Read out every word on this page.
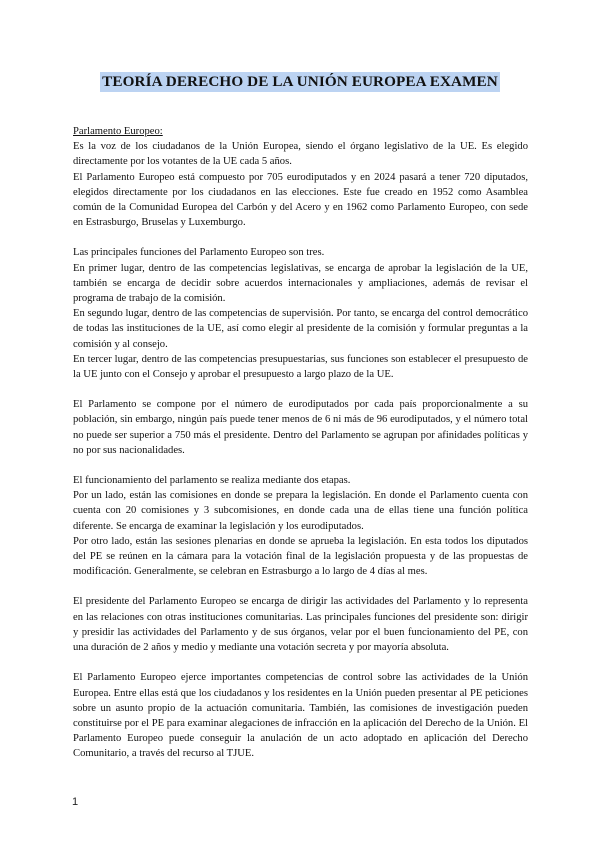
TEORÍA DERECHO DE LA UNIÓN EUROPEA EXAMEN

Parlamento Europeo:

Es la voz de los ciudadanos de la Unión Europea, siendo el órgano legislativo de la UE. Es elegido directamente por los votantes de la UE cada 5 años.

El Parlamento Europeo está compuesto por 705 eurodiputados y en 2024 pasará a tener 720 diputados, elegidos directamente por los ciudadanos en las elecciones. Este fue creado en 1952 como Asamblea común de la Comunidad Europea del Carbón y del Acero y en 1962 como Parlamento Europeo, con sede en Estrasburgo, Bruselas y Luxemburgo.

Las principales funciones del Parlamento Europeo son tres.

En primer lugar, dentro de las competencias legislativas, se encarga de aprobar la legislación de la UE, también se encarga de decidir sobre acuerdos internacionales y ampliaciones, además de revisar el programa de trabajo de la comisión.

En segundo lugar, dentro de las competencias de supervisión. Por tanto, se encarga del control democrático de todas las instituciones de la UE, así como elegir al presidente de la comisión y formular preguntas a la comisión y al consejo.

En tercer lugar, dentro de las competencias presupuestarias, sus funciones son establecer el presupuesto de la UE junto con el Consejo y aprobar el presupuesto a largo plazo de la UE.

El Parlamento se compone por el número de eurodiputados por cada país proporcionalmente a su población, sin embargo, ningún país puede tener menos de 6 ni más de 96 eurodiputados, y el número total no puede ser superior a 750 más el presidente. Dentro del Parlamento se agrupan por afinidades políticas y no por sus nacionalidades.

El funcionamiento del parlamento se realiza mediante dos etapas.

Por un lado, están las comisiones en donde se prepara la legislación. En donde el Parlamento cuenta con cuenta con 20 comisiones y 3 subcomisiones, en donde cada una de ellas tiene una función política diferente. Se encarga de examinar la legislación y los eurodiputados.

Por otro lado, están las sesiones plenarias en donde se aprueba la legislación. En esta todos los diputados del PE se reúnen en la cámara para la votación final de la legislación propuesta y de las propuestas de modificación. Generalmente, se celebran en Estrasburgo a lo largo de 4 días al mes.

El presidente del Parlamento Europeo se encarga de dirigir las actividades del Parlamento y lo representa en las relaciones con otras instituciones comunitarias. Las principales funciones del presidente son: dirigir y presidir las actividades del Parlamento y de sus órganos, velar por el buen funcionamiento del PE, con una duración de 2 años y medio y mediante una votación secreta y por mayoría absoluta.

El Parlamento Europeo ejerce importantes competencias de control sobre las actividades de la Unión Europea. Entre ellas está que los ciudadanos y los residentes en la Unión pueden presentar al PE peticiones sobre un asunto propio de la actuación comunitaria. También, las comisiones de investigación pueden constituirse por el PE para examinar alegaciones de infracción en la aplicación del Derecho de la Unión. El Parlamento Europeo puede conseguir la anulación de un acto adoptado en aplicación del Derecho Comunitario, a través del recurso al TJUE.

1
